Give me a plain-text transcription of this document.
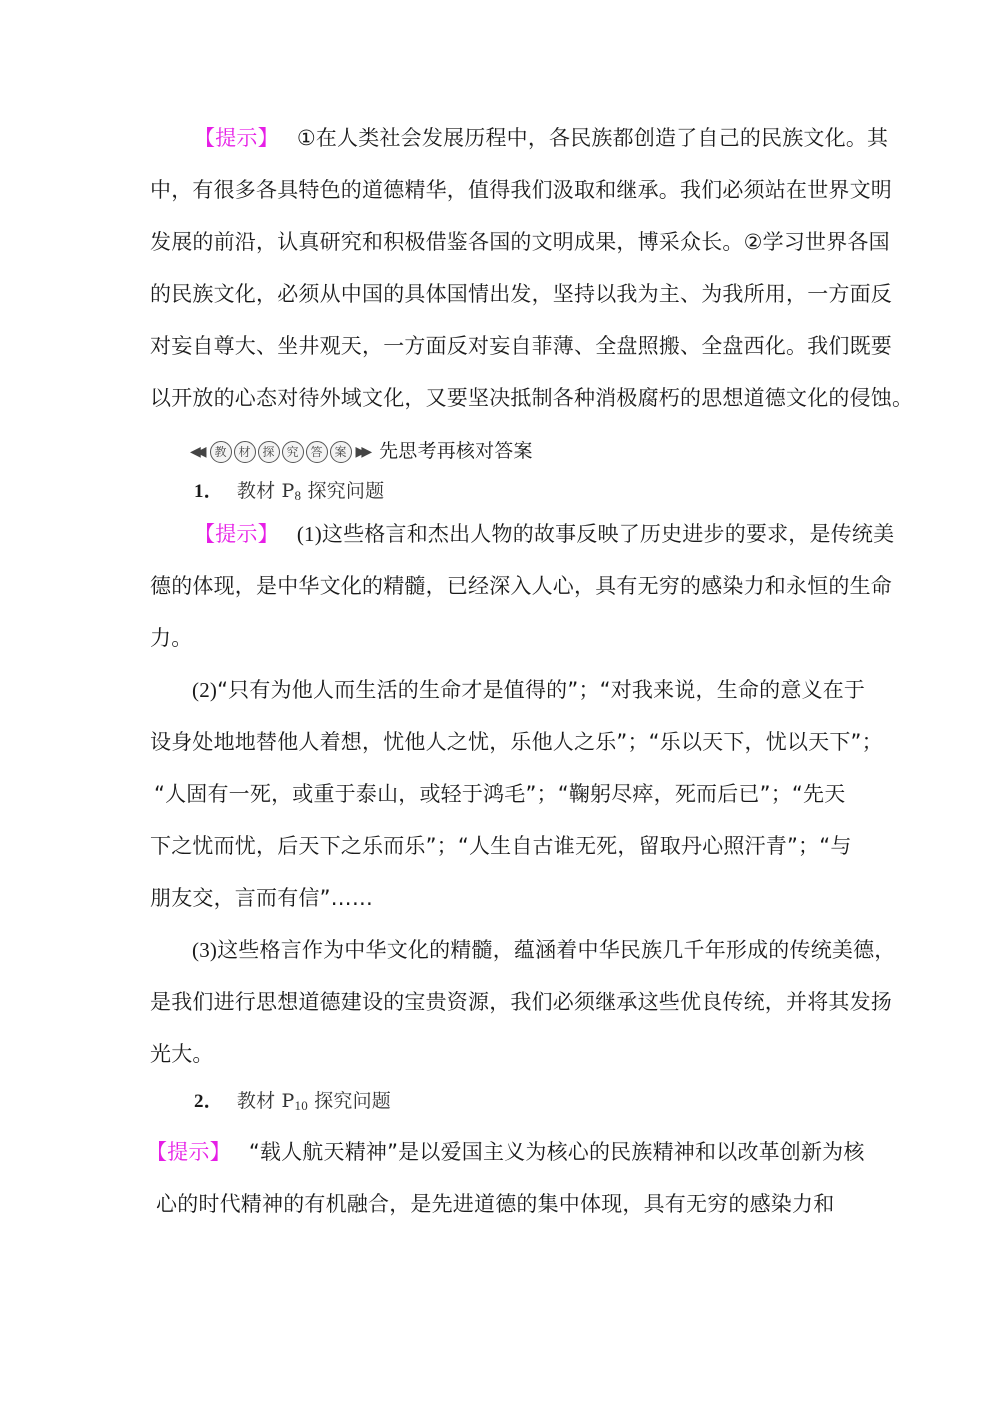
【提示】 ①在人类社会发展历程中，各民族都创造了自己的民族文化。其
中，有很多各具特色的道德精华，值得我们汲取和继承。我们必须站在世界文明
发展的前沿，认真研究和积极借鉴各国的文明成果，博采众长。②学习世界各国
的民族文化，必须从中国的具体国情出发，坚持以我为主、为我所用，一方面反
对妄自尊大、坐井观天，一方面反对妄自菲薄、全盘照搬、全盘西化。我们既要
以开放的心态对待外域文化，又要坚决抵制各种消极腐朽的思想道德文化的侵蚀。
◀◀	教 材 探 究 答 案 ▶▶ 先思考再核对答案
1． 教材 $P_8$ 探究问题
【提示】 (1)这些格言和杰出人物的故事反映了历史进步的要求，是传统美
德的体现，是中华文化的精髓，已经深入人心，具有无穷的感染力和永恒的生命
力。
(2)“只有为他人而生活的生命才是值得的”；“对我来说，生命的意义在于
设身处地地替他人着想，忧他人之忧，乐他人之乐”；“乐以天下，忧以天下”；
“人固有一死，或重于泰山，或轻于鸿毛”；“鞠躬尽瘁，死而后已”；“先天
下之忧而忧，后天下之乐而乐”；“人生自古谁无死，留取丹心照汗青”；“与
朋友交，言而有信”……
(3)这些格言作为中华文化的精髓，蕴涵着中华民族几千年形成的传统美德，
是我们进行思想道德建设的宝贵资源，我们必须继承这些优良传统，并将其发扬
光大。
2． 教材 $P_{10}$ 探究问题
【提示】 “载人航天精神”是以爱国主义为核心的民族精神和以改革创新为核
心的时代精神的有机融合，是先进道德的集中体现，具有无穷的感染力和
